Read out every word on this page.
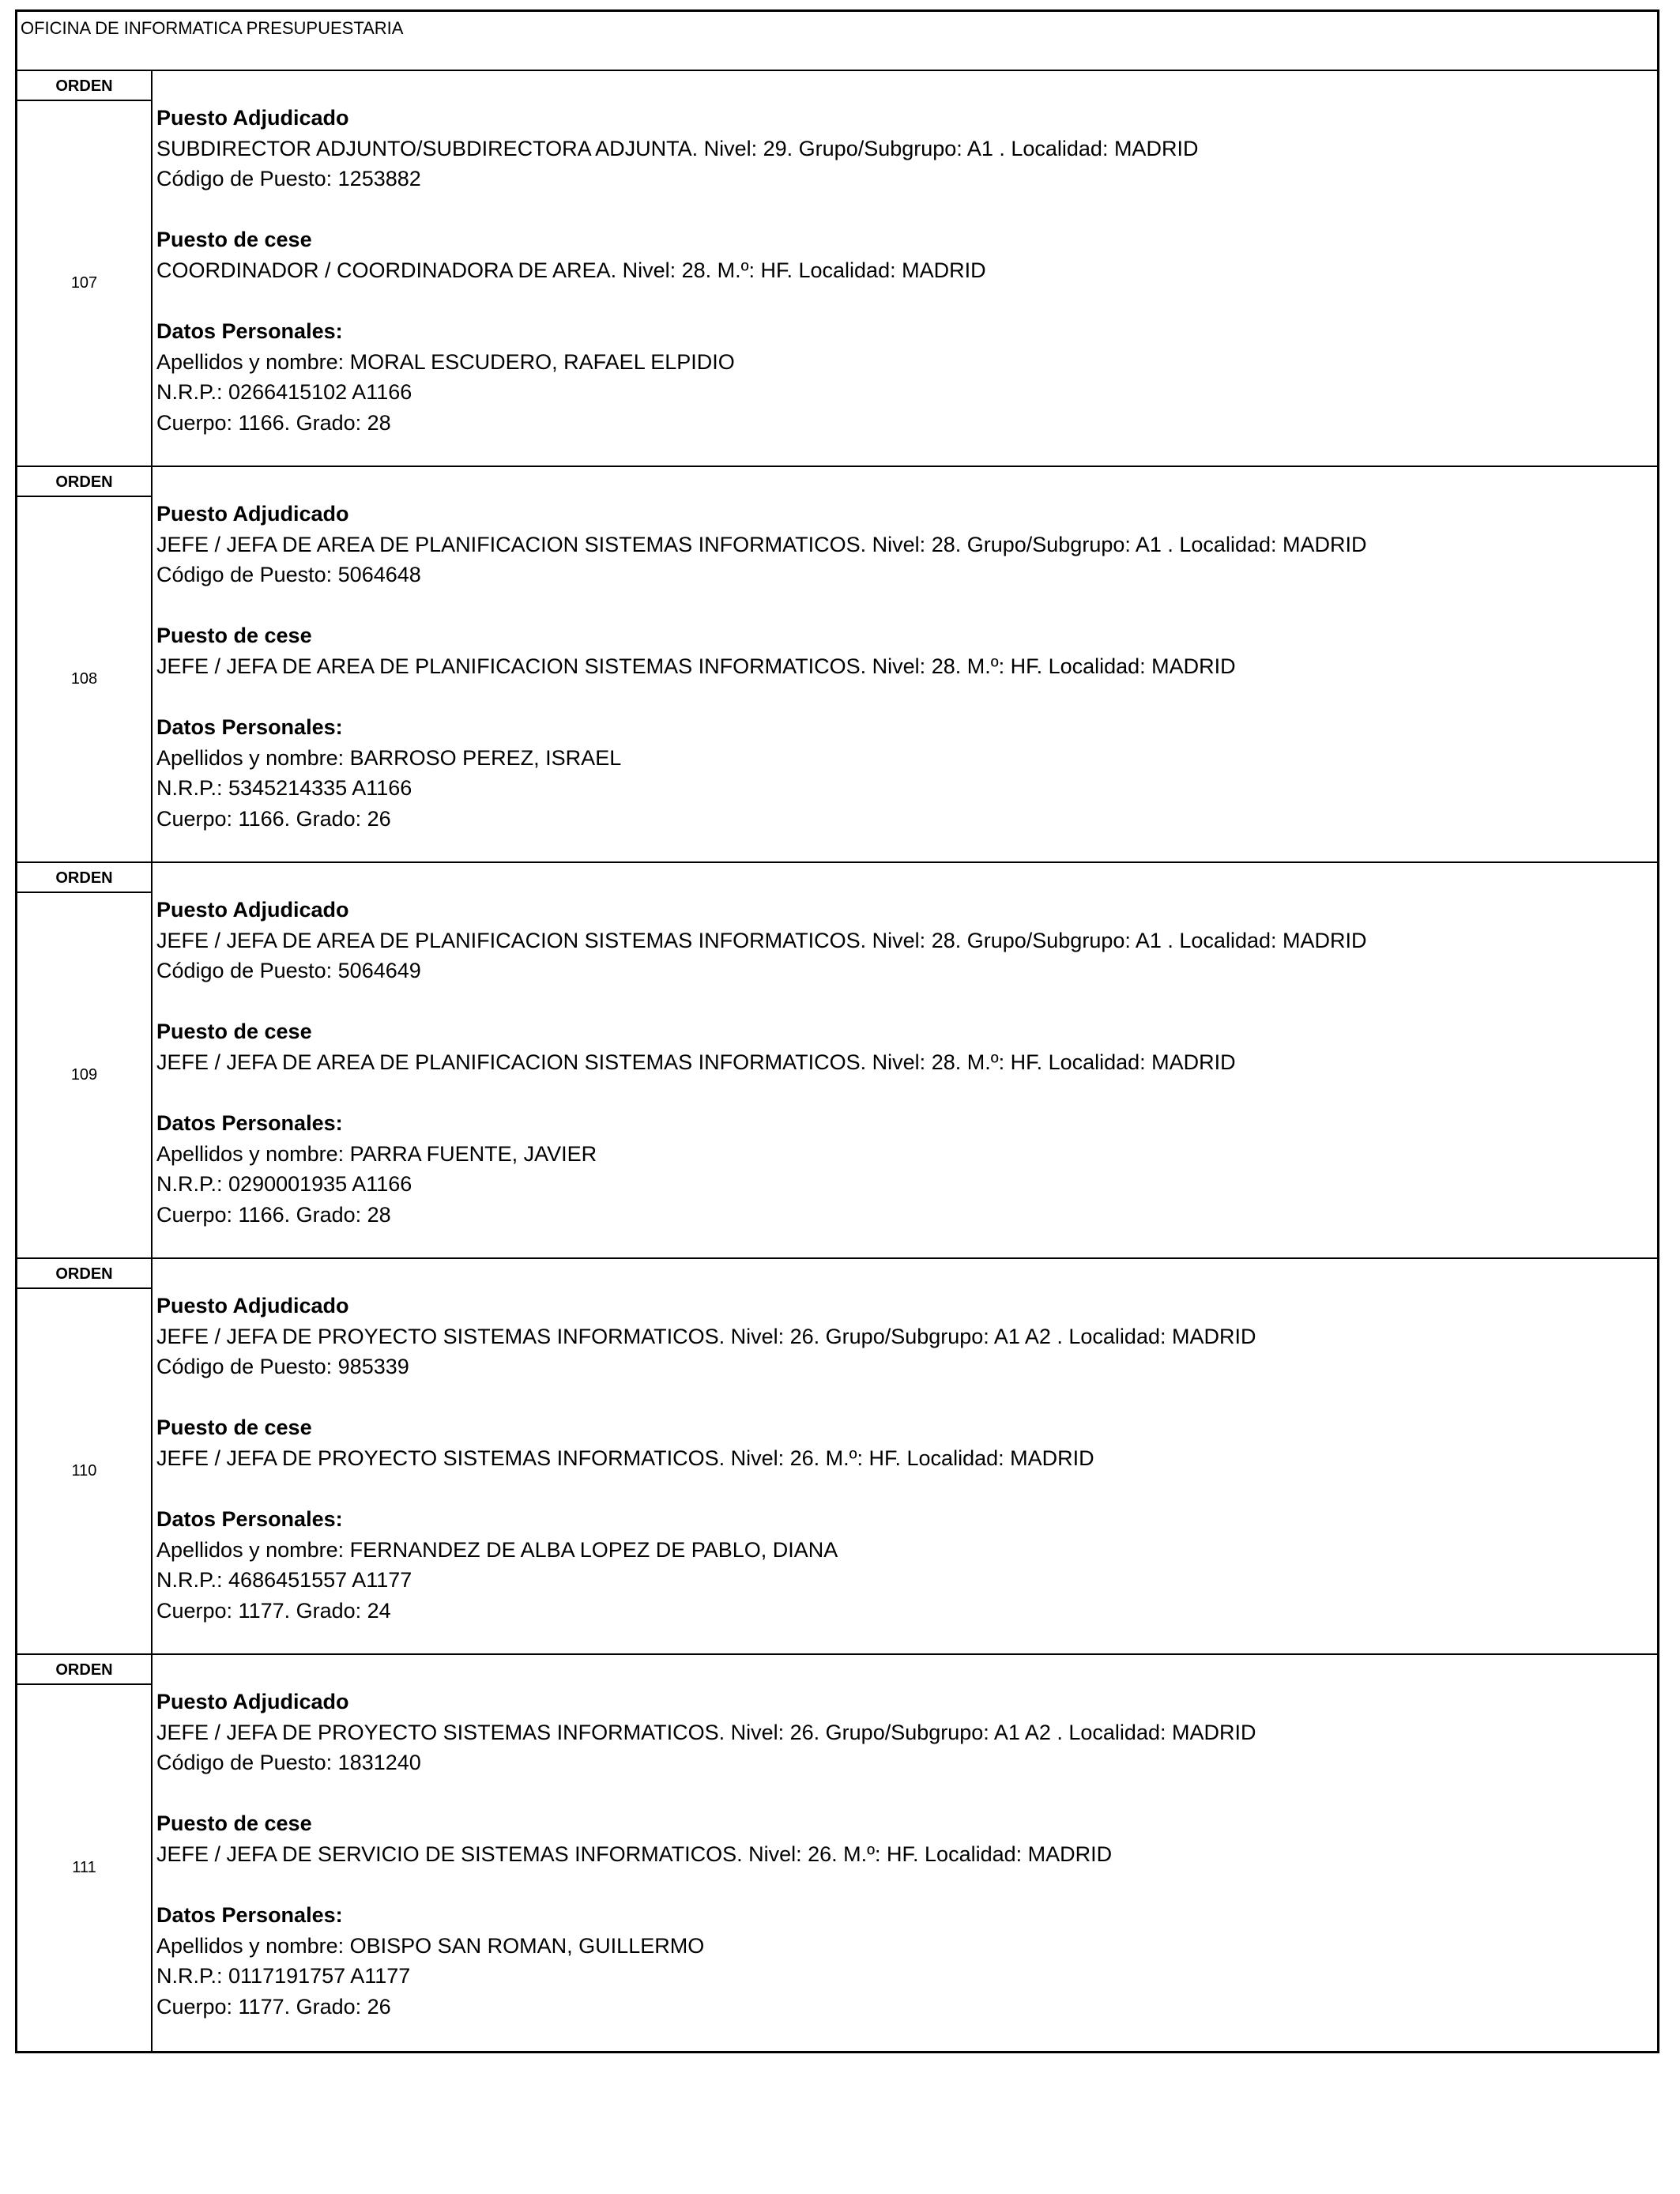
OFICINA DE INFORMATICA PRESUPUESTARIA
ORDEN
107
Puesto Adjudicado
SUBDIRECTOR ADJUNTO/SUBDIRECTORA ADJUNTA. Nivel: 29. Grupo/Subgrupo: A1 . Localidad: MADRID
Código de Puesto: 1253882
Puesto de cese
COORDINADOR / COORDINADORA DE AREA. Nivel: 28. M.º: HF. Localidad: MADRID
Datos Personales:
Apellidos y nombre: MORAL ESCUDERO, RAFAEL ELPIDIO
N.R.P.: 0266415102 A1166
Cuerpo: 1166. Grado: 28
ORDEN
108
Puesto Adjudicado
JEFE / JEFA DE AREA DE PLANIFICACION SISTEMAS INFORMATICOS. Nivel: 28. Grupo/Subgrupo: A1 . Localidad: MADRID
Código de Puesto: 5064648
Puesto de cese
JEFE / JEFA DE AREA DE PLANIFICACION SISTEMAS INFORMATICOS. Nivel: 28. M.º: HF. Localidad: MADRID
Datos Personales:
Apellidos y nombre: BARROSO PEREZ, ISRAEL
N.R.P.: 5345214335 A1166
Cuerpo: 1166. Grado: 26
ORDEN
109
Puesto Adjudicado
JEFE / JEFA DE AREA DE PLANIFICACION SISTEMAS INFORMATICOS. Nivel: 28. Grupo/Subgrupo: A1 . Localidad: MADRID
Código de Puesto: 5064649
Puesto de cese
JEFE / JEFA DE AREA DE PLANIFICACION SISTEMAS INFORMATICOS. Nivel: 28. M.º: HF. Localidad: MADRID
Datos Personales:
Apellidos y nombre: PARRA FUENTE, JAVIER
N.R.P.: 0290001935 A1166
Cuerpo: 1166. Grado: 28
ORDEN
110
Puesto Adjudicado
JEFE / JEFA DE PROYECTO SISTEMAS INFORMATICOS. Nivel: 26. Grupo/Subgrupo: A1 A2 . Localidad: MADRID
Código de Puesto: 985339
Puesto de cese
JEFE / JEFA DE PROYECTO SISTEMAS INFORMATICOS. Nivel: 26. M.º: HF. Localidad: MADRID
Datos Personales:
Apellidos y nombre: FERNANDEZ DE ALBA LOPEZ DE PABLO, DIANA
N.R.P.: 4686451557 A1177
Cuerpo: 1177. Grado: 24
ORDEN
111
Puesto Adjudicado
JEFE / JEFA DE PROYECTO SISTEMAS INFORMATICOS. Nivel: 26. Grupo/Subgrupo: A1 A2 . Localidad: MADRID
Código de Puesto: 1831240
Puesto de cese
JEFE / JEFA DE SERVICIO DE SISTEMAS INFORMATICOS. Nivel: 26. M.º: HF. Localidad: MADRID
Datos Personales:
Apellidos y nombre: OBISPO SAN ROMAN, GUILLERMO
N.R.P.: 0117191757 A1177
Cuerpo: 1177. Grado: 26
